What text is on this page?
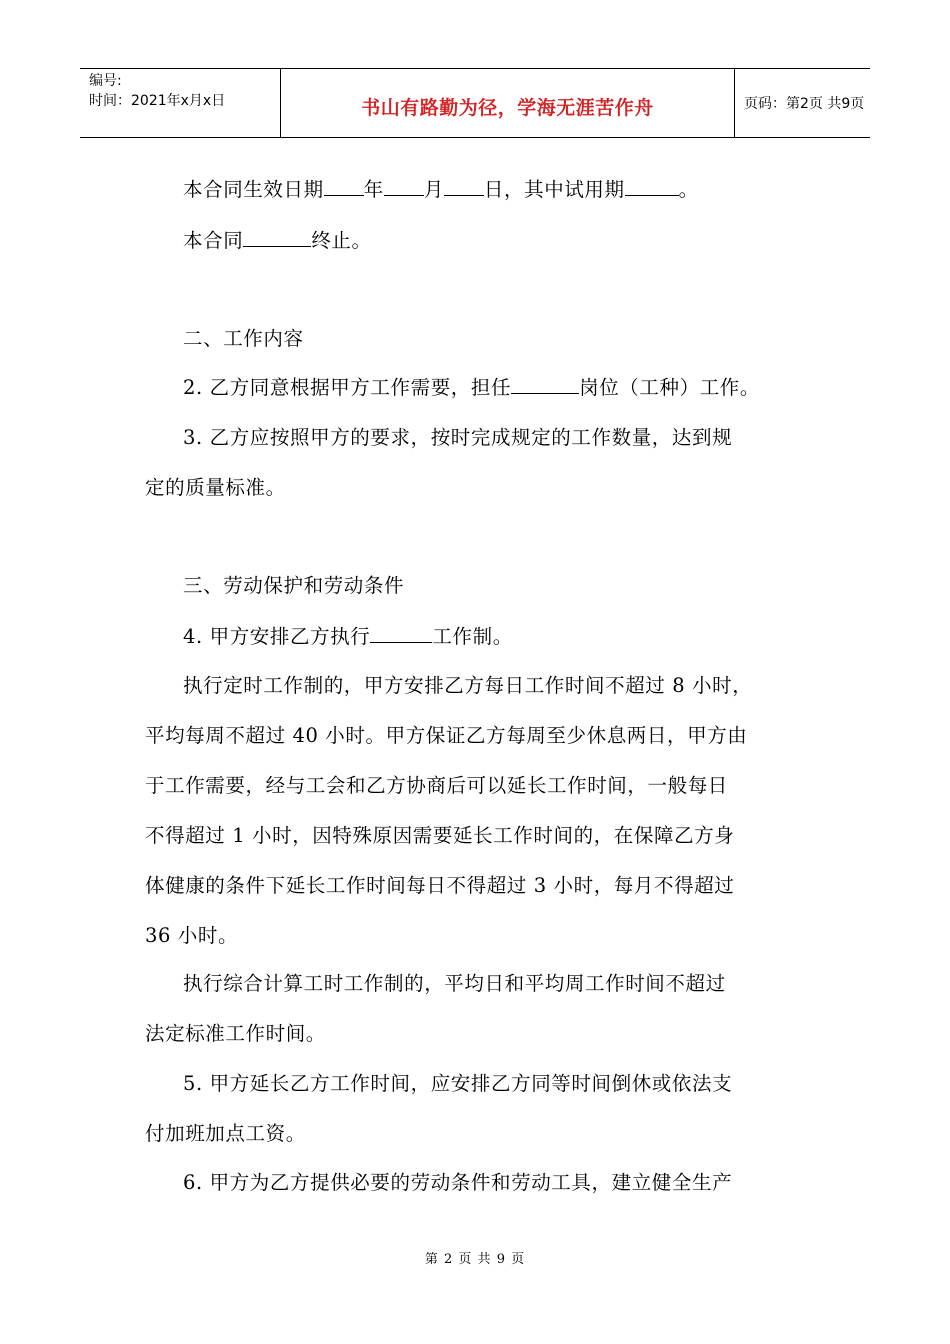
编号:
时间：2021年x月x日	书山有路勤为径，学海无涯苦作舟	页码：第2页 共9页
本合同生效日期 年 月 日，其中试用期	。
本合同	终止。
二、工作内容
2. 乙方同意根据甲方工作需要，担任	岗位（工种）工作。
3. 乙方应按照甲方的要求，按时完成规定的工作数量，达到规
定的质量标准。
三、劳动保护和劳动条件
4. 甲方安排乙方执行	工作制。
执行定时工作制的，甲方安排乙方每日工作时间不超过 8 小时，
平均每周不超过 40 小时。甲方保证乙方每周至少休息两日，甲方由
于工作需要，经与工会和乙方协商后可以延长工作时间，一般每日
不得超过 1 小时，因特殊原因需要延长工作时间的，在保障乙方身
体健康的条件下延长工作时间每日不得超过 3 小时，每月不得超过
36 小时。
执行综合计算工时工作制的，平均日和平均周工作时间不超过
法定标准工作时间。
5. 甲方延长乙方工作时间，应安排乙方同等时间倒休或依法支
付加班加点工资。
6. 甲方为乙方提供必要的劳动条件和劳动工具，建立健全生产
第 2 页 共 9 页
